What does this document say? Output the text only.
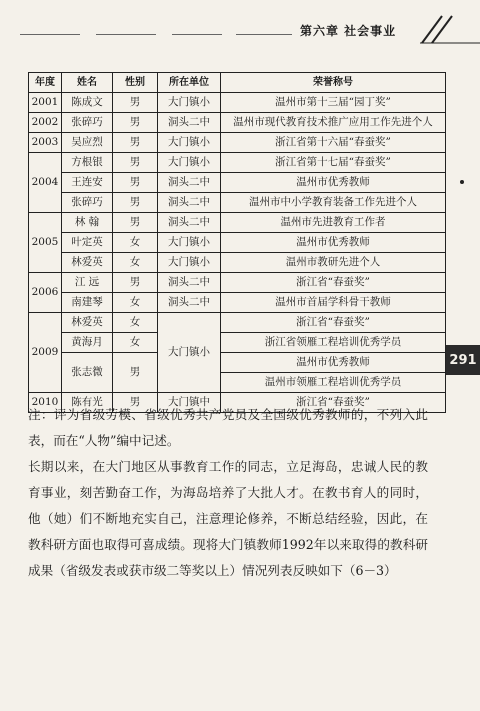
第六章 社会事业
年度	姓名	性别	所在单位	荣誉称号
2001	陈成文	男	大门镇小	温州市第十三届“园丁奖”
2002	张碎巧	男	洞头二中	温州市现代教育技术推广应用工作先进个人
2003	吴应烈	男	大门镇小	浙江省第十六届“春蚕奖”
2004	方根银	男	大门镇小	浙江省第十七届“春蚕奖”
	王连安	男	洞头二中	温州市优秀教师
	张碎巧	男	洞头二中	温州市中小学教育装备工作先进个人
2005	林 翰	男	洞头二中	温州市先进教育工作者
	叶定英	女	大门镇小	温州市优秀教师
	林爱英	女	大门镇小	温州市教研先进个人
2006	江 远	男	洞头二中	浙江省“春蚕奖”
	南建琴	女	洞头二中	温州市首届学科骨干教师
2009	林爱英	女	大门镇小	浙江省“春蚕奖”
	黄海月	女		浙江省领雁工程培训优秀学员
	张志微	男		温州市优秀教师
				温州市领雁工程培训优秀学员
2010	陈有光	男	大门镇中	浙江省“春蚕奖”
291

注：评为省级劳模、省级优秀共产党员及全国级优秀教师的，不列入此表，而在“人物”编中记述。

长期以来，在大门地区从事教育工作的同志，立足海岛，忠诚人民的教育事业，刻苦勤奋工作，为海岛培养了大批人才。在教书育人的同时，他（她）们不断地充实自己，注意理论修养，不断总结经验，因此，在教科研方面也取得可喜成绩。现将大门镇教师1992年以来取得的教科研成果（省级发表或获市级二等奖以上）情况列表反映如下（6－3）
